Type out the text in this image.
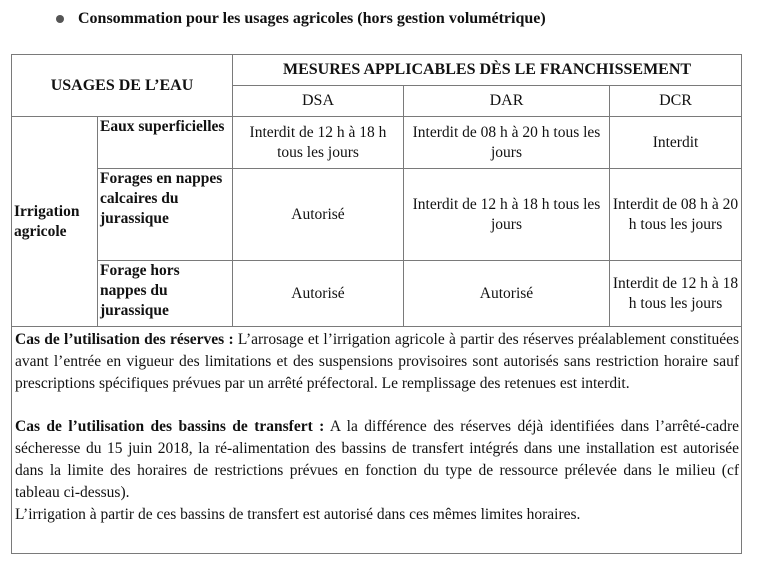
Consommation pour les usages agricoles (hors gestion volumétrique)
USAGES DE L’EAU		MESURES APPLICABLES DÈS LE FRANCHISSEMENT		
		DSA	DAR	DCR
Irrigation agricole	Eaux superficielles	Interdit de 12 h à 18 h tous les jours	Interdit de 08 h à 20 h tous les jours	Interdit
	Forages en nappes calcaires du jurassique	Autorisé	Interdit de 12 h à 18 h tous les jours	Interdit de 08 h à 20 h tous les jours
	Forage hors nappes du jurassique	Autorisé	Autorisé	Interdit de 12 h à 18 h tous les jours

Cas de l’utilisation des réserves : L’arrosage et l’irrigation agricole à partir des réserves préalablement constituées avant l’entrée en vigueur des limitations et des suspensions provisoires sont autorisés sans restriction horaire sauf prescriptions spécifiques prévues par un arrêté préfectoral. Le remplissage des retenues est interdit.

Cas de l’utilisation des bassins de transfert : A la différence des réserves déjà identifiées dans l’arrêté-cadre sécheresse du 15 juin 2018, la ré-alimentation des bassins de transfert intégrés dans une installation est autorisée dans la limite des horaires de restrictions prévues en fonction du type de ressource prélevée dans le milieu (cf tableau ci-dessus).

L’irrigation à partir de ces bassins de transfert est autorisé dans ces mêmes limites horaires.
